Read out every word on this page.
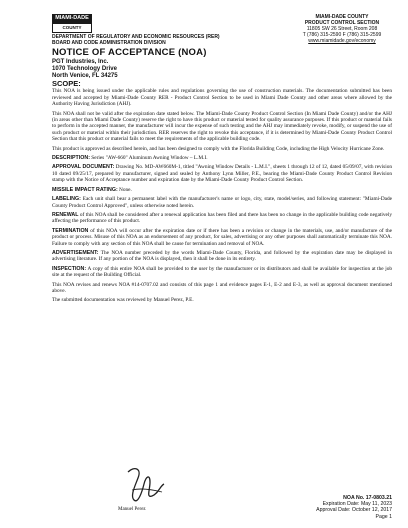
MIAMI-DADE
COUNTY
DEPARTMENT OF REGULATORY AND ECONOMIC RESOURCES (RER)
BOARD AND CODE ADMINISTRATION DIVISION
MIAMI-DADE COUNTY
PRODUCT CONTROL SECTION
11805 SW 26 Street, Room 208
T (786) 315-2590 F (786) 315-2599
www.miamidade.gov/economy
NOTICE OF ACCEPTANCE (NOA)
PGT Industries, Inc.
1070 Technology Drive
North Venice, FL 34275
SCOPE:

This NOA is being issued under the applicable rules and regulations governing the use of construction materials. The documentation submitted has been reviewed and accepted by Miami-Dade County RER - Product Control Section to be used in Miami Dade County and other areas where allowed by the Authority Having Jurisdiction (AHJ).

This NOA shall not be valid after the expiration date stated below. The Miami-Dade County Product Control Section (In Miami Dade County) and/or the AHJ (in areas other than Miami Dade County) reserve the right to have this product or material tested for quality assurance purposes. If this product or material fails to perform in the accepted manner, the manufacturer will incur the expense of such testing and the AHJ may immediately revoke, modify, or suspend the use of such product or material within their jurisdiction. RER reserves the right to revoke this acceptance, if it is determined by Miami-Dade County Product Control Section that this product or material fails to meet the requirements of the applicable building code.

This product is approved as described herein, and has been designed to comply with the Florida Building Code, including the High Velocity Hurricane Zone.

DESCRIPTION: Series "AW-660" Aluminum Awning Window – L.M.I.

APPROVAL DOCUMENT: Drawing No. MD-AW660M-1, titled "Awning Window Details - L.M.I.", sheets 1 through 12 of 12, dated 05/09/07, with revision 10 dated 09/25/17, prepared by manufacturer, signed and sealed by Anthony Lynn Miller, P.E., bearing the Miami-Dade County Product Control Revision stamp with the Notice of Acceptance number and expiration date by the Miami-Dade County Product Control Section.

MISSILE IMPACT RATING: None.

LABELING: Each unit shall bear a permanent label with the manufacturer's name or logo, city, state, model/series, and following statement: "Miami-Dade County Product Control Approved", unless otherwise noted herein.

RENEWAL of this NOA shall be considered after a renewal application has been filed and there has been no change in the applicable building code negatively affecting the performance of this product.

TERMINATION of this NOA will occur after the expiration date or if there has been a revision or change in the materials, use, and/or manufacture of the product or process. Misuse of this NOA as an endorsement of any product, for sales, advertising or any other purposes shall automatically terminate this NOA. Failure to comply with any section of this NOA shall be cause for termination and removal of NOA.

ADVERTISEMENT: The NOA number preceded by the words Miami-Dade County, Florida, and followed by the expiration date may be displayed in advertising literature. If any portion of the NOA is displayed, then it shall be done in its entirety.

INSPECTION: A copy of this entire NOA shall be provided to the user by the manufacturer or its distributors and shall be available for inspection at the job site at the request of the Building Official.

This NOA revises and renews NOA #14-0707.02 and consists of this page 1 and evidence pages E-1, E-2 and E-3, as well as approval document mentioned above.

The submitted documentation was reviewed by Manuel Perez, P.E.

Manuel Perez
NOA No. 17-0803.21
Expiration Date: May 11, 2023
Approval Date: October 12, 2017
Page 1
